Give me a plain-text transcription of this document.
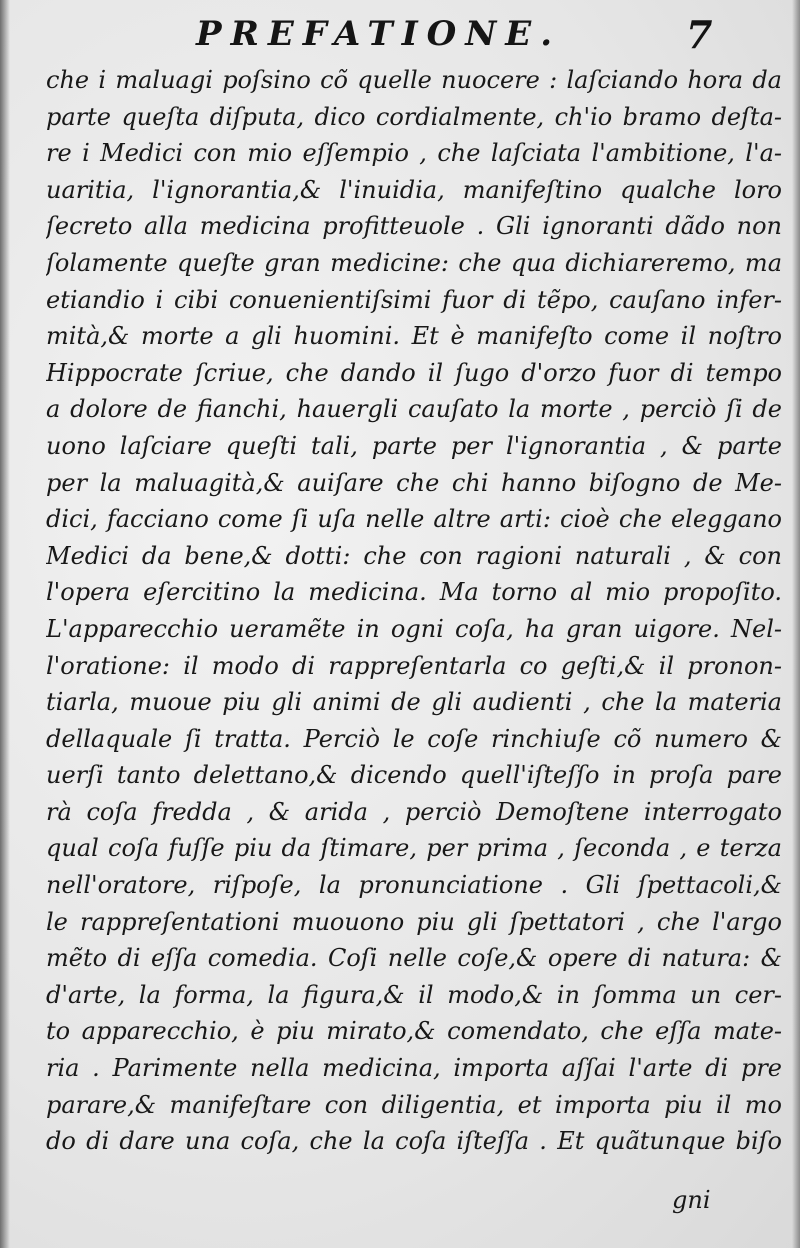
PREFATIONE.	7
che i maluagi poſsino cõ quelle nuocere : laſciando hora da
parte queſta diſputa, dico cordialmente, ch'io bramo deſta-
re i Medici con mio eſſempio , che laſciata l'ambitione, l'a-
uaritia, l'ignorantia,& l'inuidia, manifeſtino qualche loro
ſecreto alla medicina profitteuole . Gli ignoranti dãdo non
ſolamente queſte gran medicine: che qua dichiareremo, ma
etiandio i cibi conuenientiſsimi fuor di tẽpo, cauſano infer-
mità,& morte a gli huomini. Et è manifeſto come il noſtro
Hippocrate ſcriue, che dando il ſugo d'orzo fuor di tempo
a dolore de fianchi, hauergli cauſato la morte , perciò ſi de
uono laſciare queſti tali, parte per l'ignorantia , & parte
per la maluagità,& auiſare che chi hanno biſogno de Me-
dici, facciano come ſi uſa nelle altre arti: cioè che eleggano
Medici da bene,& dotti: che con ragioni naturali , & con
l'opera eſercitino la medicina. Ma torno al mio propoſito.
L'apparecchio ueramẽte in ogni coſa, ha gran uigore. Nel-
l'oratione: il modo di rappreſentarla co geſti,& il pronon-
tiarla, muoue piu gli animi de gli audienti , che la materia
dellaquale ſi tratta. Perciò le coſe rinchiuſe cõ numero &
uerſi tanto delettano,& dicendo quell'iſteſſo in proſa pare
rà coſa fredda , & arida , perciò Demoſtene interrogato
qual coſa fuſſe piu da ſtimare, per prima , ſeconda , e terza
nell'oratore, riſpoſe, la pronunciatione . Gli ſpettacoli,&
le rappreſentationi muouono piu gli ſpettatori , che l'argo
mẽto di eſſa comedia. Coſi nelle coſe,& opere di natura: &
d'arte, la forma, la figura,& il modo,& in ſomma un cer-
to apparecchio, è piu mirato,& comendato, che eſſa mate-
ria . Parimente nella medicina, importa aſſai l'arte di pre
parare,& manifeſtare con diligentia, et importa piu il mo
do di dare una coſa, che la coſa iſteſſa . Et quãtunque biſo
gni
